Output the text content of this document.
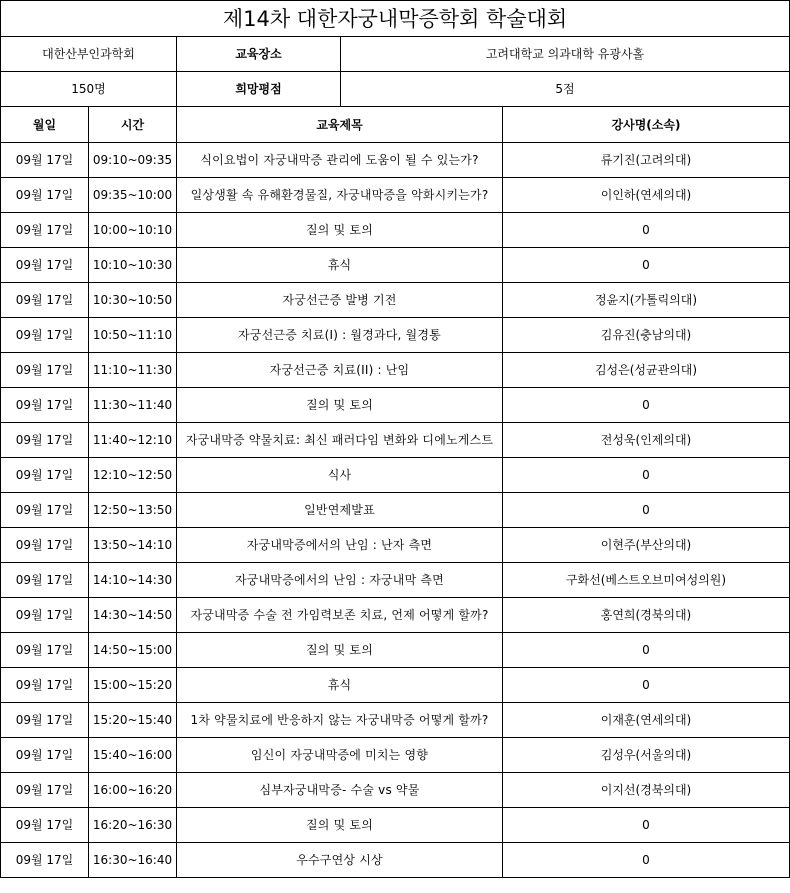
제14차 대한자궁내막증학회 학술대회				
대한산부인과학회		교육장소	고려대학교 의과대학 유광사홀	
150명		희망평점	5점	
월일	시간	교육제목		강사명(소속)
09월 17일	09:10~09:35	식이요법이 자궁내막증 관리에 도움이 될 수 있는가?		류기진(고려의대)
09월 17일	09:35~10:00	일상생활 속 유해환경물질, 자궁내막증을 악화시키는가?		이인하(연세의대)
09월 17일	10:00~10:10	질의 및 토의		0
09월 17일	10:10~10:30	휴식		0
09월 17일	10:30~10:50	자궁선근증 발병 기전		정윤지(가톨릭의대)
09월 17일	10:50~11:10	자궁선근증 치료(I) : 월경과다, 월경통		김유진(충남의대)
09월 17일	11:10~11:30	자궁선근증 치료(II) : 난임		김성은(성균관의대)
09월 17일	11:30~11:40	질의 및 토의		0
09월 17일	11:40~12:10	자궁내막증 약물치료: 최신 패러다임 변화와 디에노게스트		전성욱(인제의대)
09월 17일	12:10~12:50	식사		0
09월 17일	12:50~13:50	일반연제발표		0
09월 17일	13:50~14:10	자궁내막증에서의 난임 : 난자 측면		이현주(부산의대)
09월 17일	14:10~14:30	자궁내막증에서의 난임 : 자궁내막 측면		구화선(베스트오브미여성의원)
09월 17일	14:30~14:50	자궁내막증 수술 전 가임력보존 치료, 언제 어떻게 할까?		홍연희(경북의대)
09월 17일	14:50~15:00	질의 및 토의		0
09월 17일	15:00~15:20	휴식		0
09월 17일	15:20~15:40	1차 약물치료에 반응하지 않는 자궁내막증 어떻게 할까?		이재훈(연세의대)
09월 17일	15:40~16:00	임신이 자궁내막증에 미치는 영향		김성우(서울의대)
09월 17일	16:00~16:20	심부자궁내막증- 수술 vs 약물		이지선(경북의대)
09월 17일	16:20~16:30	질의 및 토의		0
09월 17일	16:30~16:40	우수구연상 시상		0
